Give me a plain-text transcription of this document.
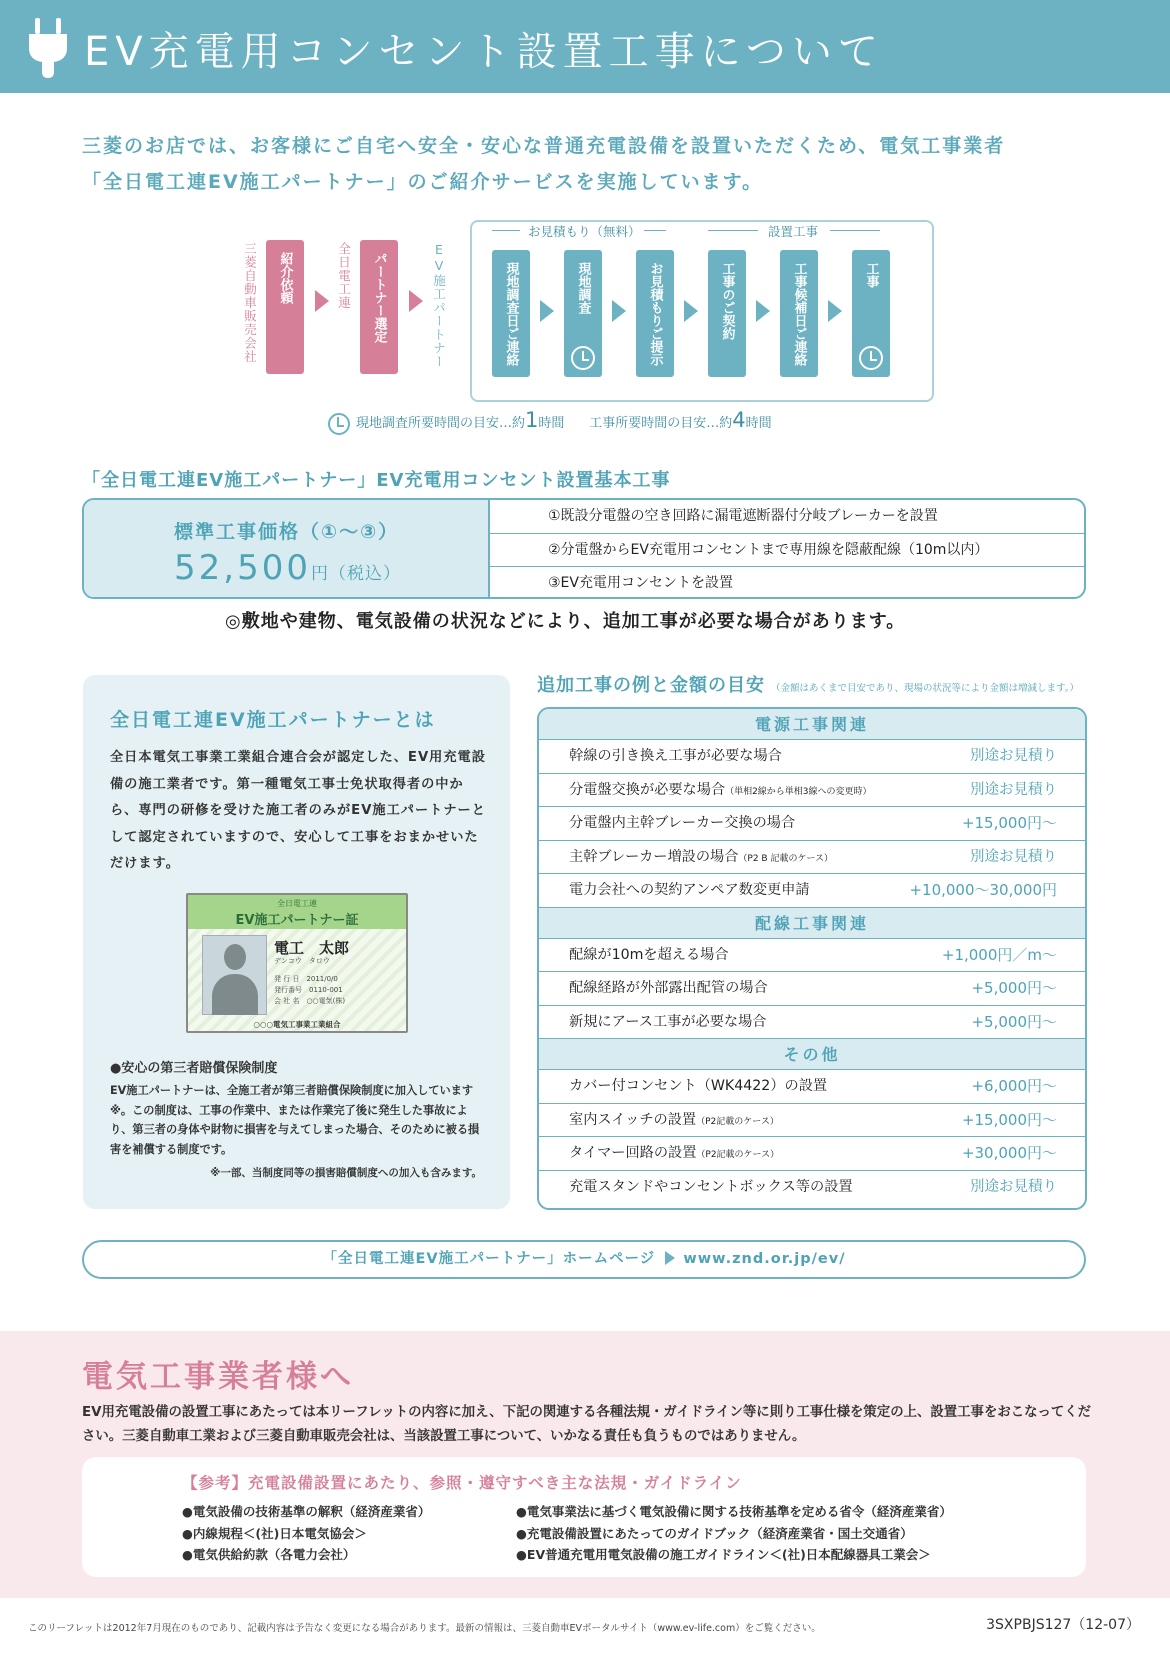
EV充電用コンセント設置工事について
三菱のお店では、お客様にご自宅へ安全・安心な普通充電設備を設置いただくため、電気工事業者
「全日電工連EV施工パートナー」のご紹介サービスを実施しています。
三菱自動車販売会社	紹介依頼	全日電工連	パートナー選定	EV施工パートナー
お見積もり（無料）	設置工事
現地調査日ご連絡	現地調査	お見積もりご提示	工事のご契約	工事候補日ご連絡	工事
現地調査所要時間の目安…約1時間 工事所要時間の目安…約4時間
「全日電工連EV施工パートナー」EV充電用コンセント設置基本工事
標準工事価格（①〜③）
52,500円（税込）
①既設分電盤の空き回路に漏電遮断器付分岐ブレーカーを設置
②分電盤からEV充電用コンセントまで専用線を隠蔽配線（10m以内）
③EV充電用コンセントを設置
◎敷地や建物、電気設備の状況などにより、追加工事が必要な場合があります。
全日電工連EV施工パートナーとは
全日本電気工事業工業組合連合会が認定した、EV用充電設備の施工業者です。第一種電気工事士免状取得者の中から、専門の研修を受けた施工者のみがEV施工パートナーとして認定されていますので、安心して工事をおまかせいただけます。
全日電工連
EV施工パートナー証
電工　太郎
デンコウ　タロウ
発 行 日　2011/0/0
発行番号　0110-001
会 社 名　○○電気(株)
○○○電気工事業工業組合
●安心の第三者賠償保険制度
EV施工パートナーは、全施工者が第三者賠償保険制度に加入しています※。この制度は、工事の作業中、または作業完了後に発生した事故により、第三者の身体や財物に損害を与えてしまった場合、そのために被る損害を補償する制度です。
※一部、当制度同等の損害賠償制度への加入も含みます。
追加工事の例と金額の目安 （金額はあくまで目安であり、現場の状況等により金額は増減します。）
電源工事関連
幹線の引き換え工事が必要な場合	別途お見積り
分電盤交換が必要な場合（単相2線から単相3線への変更時）	別途お見積り
分電盤内主幹ブレーカー交換の場合	+15,000円〜
主幹ブレーカー増設の場合（P2 B 記載のケース）	別途お見積り
電力会社への契約アンペア数変更申請	+10,000〜30,000円
配線工事関連
配線が10mを超える場合	+1,000円／m〜
配線経路が外部露出配管の場合	+5,000円〜
新規にアース工事が必要な場合	+5,000円〜
その他
カバー付コンセント（WK4422）の設置	+6,000円〜
室内スイッチの設置（P2記載のケース）	+15,000円〜
タイマー回路の設置（P2記載のケース）	+30,000円〜
充電スタンドやコンセントボックス等の設置	別途お見積り
「全日電工連EV施工パートナー」ホームページ www.znd.or.jp/ev/
電気工事業者様へ
EV用充電設備の設置工事にあたっては本リーフレットの内容に加え、下記の関連する各種法規・ガイドライン等に則り工事仕様を策定の上、設置工事をおこなってください。三菱自動車工業および三菱自動車販売会社は、当該設置工事について、いかなる責任も負うものではありません。
【参考】充電設備設置にあたり、参照・遵守すべき主な法規・ガイドライン
●電気設備の技術基準の解釈（経済産業省）
●内線規程＜(社)日本電気協会＞
●電気供給約款（各電力会社）
●電気事業法に基づく電気設備に関する技術基準を定める省令（経済産業省）
●充電設備設置にあたってのガイドブック（経済産業省・国土交通省）
●EV普通充電用電気設備の施工ガイドライン＜(社)日本配線器具工業会＞
このリーフレットは2012年7月現在のものであり、記載内容は予告なく変更になる場合があります。最新の情報は、三菱自動車EVポータルサイト（www.ev-life.com）をご覧ください。	3SXPBJS127（12-07）
